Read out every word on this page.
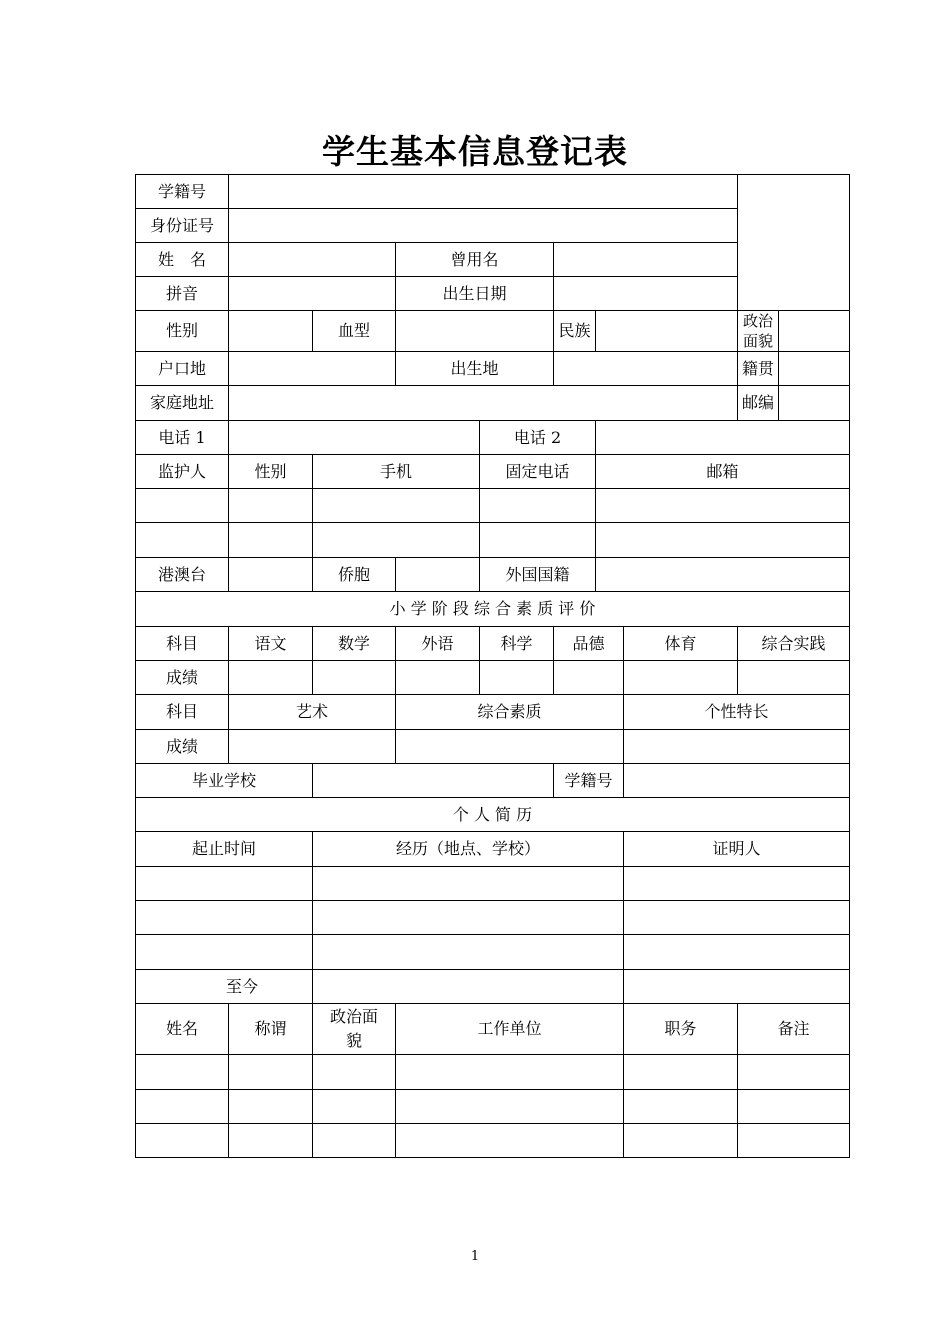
学生基本信息登记表
学籍号									
身份证号									
姓　名			曾用名						
拼音			出生日期						
性别		血型			民族			政治面貌	
户口地			出生地					籍贯	
家庭地址								邮编	
电话 1				电话 2					
监护人	性别	手机		固定电话		邮箱			

港澳台		侨胞		外国国籍					
小 学 阶 段 综 合 素 质 评 价									
科目	语文	数学	外语	科学	品德		体育	综合实践	
成绩									
科目	艺术		综合素质				个性特长		
成绩									
毕业学校					学籍号				
个 人 简 历									
起止时间		经历（地点、学校）					证明人		

至今									
姓名	称谓	政治面貌	工作单位				职务	备注	

1
